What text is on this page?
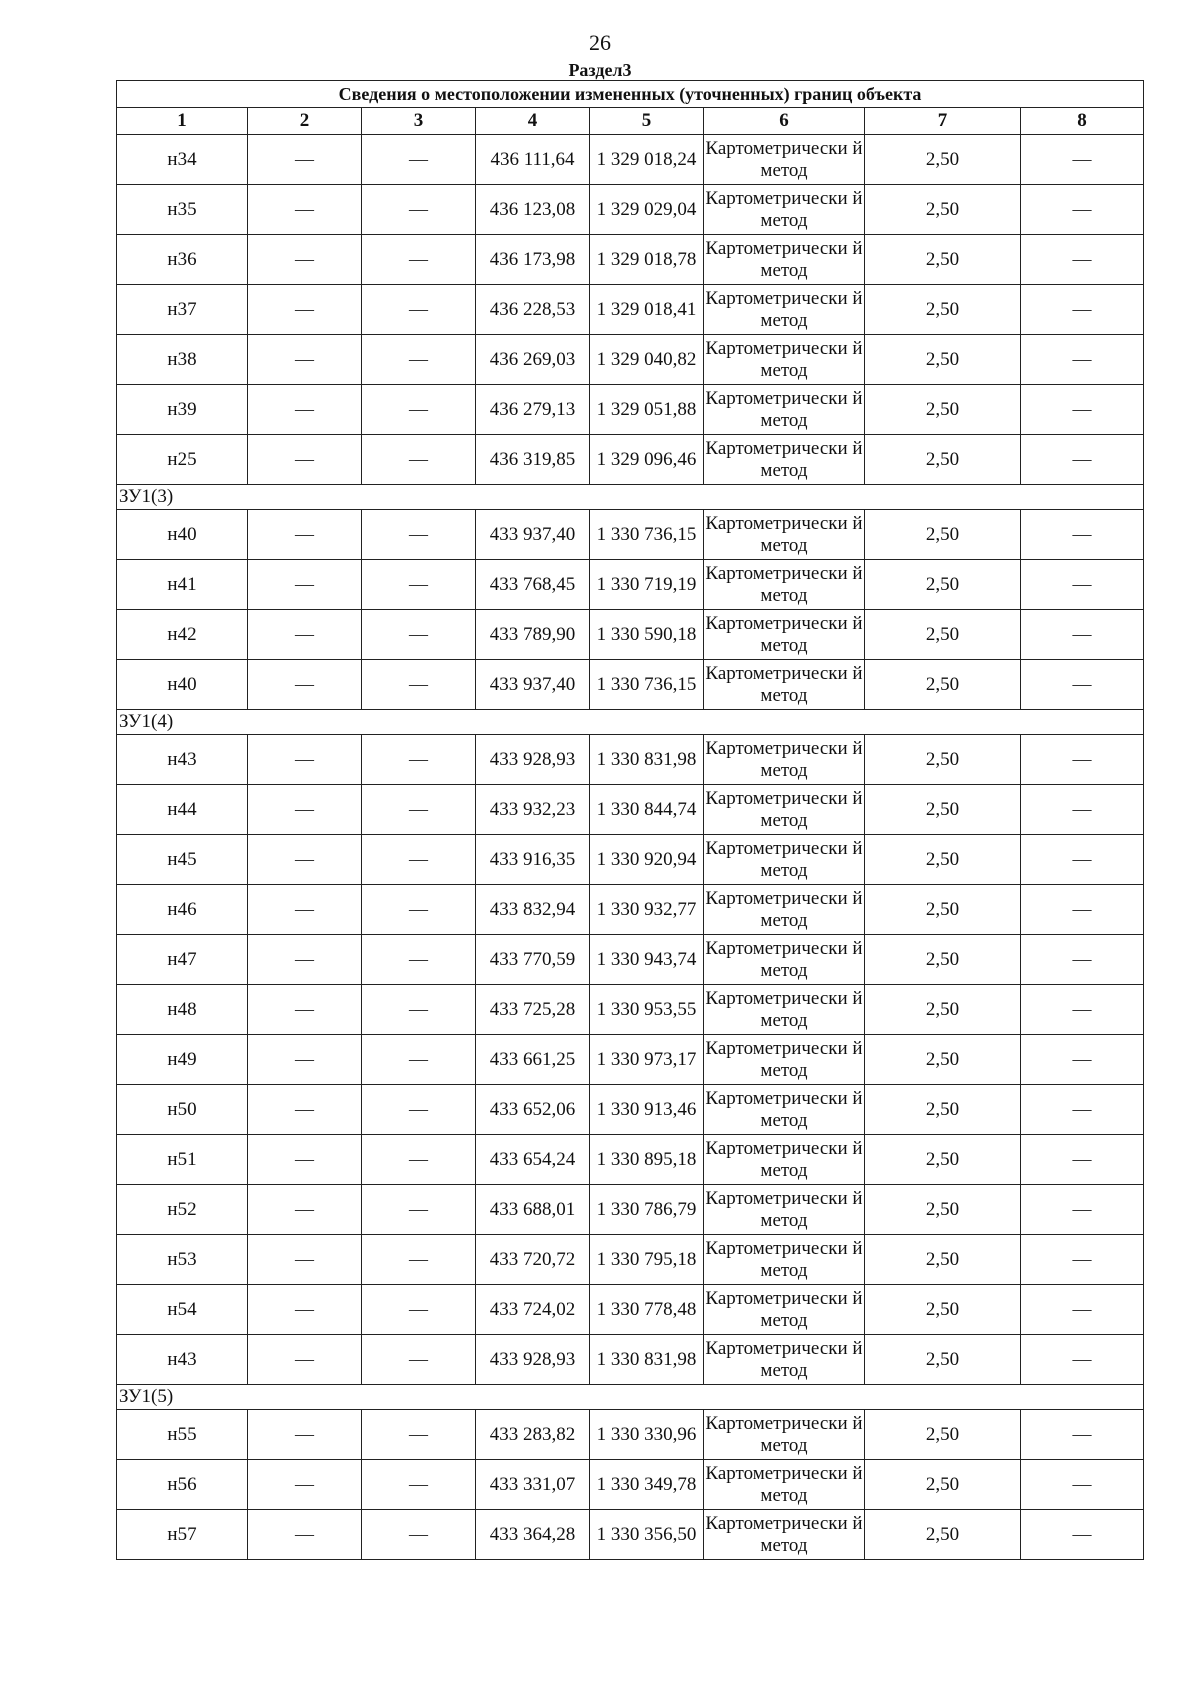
26
Раздел3
Сведения о местоположении измененных (уточненных) границ объекта							
1	2	3	4	5	6	7	8
н34	—	—	436 111,64	1 329 018,24	Картометрически й метод	2,50	—
н35	—	—	436 123,08	1 329 029,04	Картометрически й метод	2,50	—
н36	—	—	436 173,98	1 329 018,78	Картометрически й метод	2,50	—
н37	—	—	436 228,53	1 329 018,41	Картометрически й метод	2,50	—
н38	—	—	436 269,03	1 329 040,82	Картометрически й метод	2,50	—
н39	—	—	436 279,13	1 329 051,88	Картометрически й метод	2,50	—
н25	—	—	436 319,85	1 329 096,46	Картометрически й метод	2,50	—
ЗУ1(3)							
н40	—	—	433 937,40	1 330 736,15	Картометрически й метод	2,50	—
н41	—	—	433 768,45	1 330 719,19	Картометрически й метод	2,50	—
н42	—	—	433 789,90	1 330 590,18	Картометрически й метод	2,50	—
н40	—	—	433 937,40	1 330 736,15	Картометрически й метод	2,50	—
ЗУ1(4)							
н43	—	—	433 928,93	1 330 831,98	Картометрически й метод	2,50	—
н44	—	—	433 932,23	1 330 844,74	Картометрически й метод	2,50	—
н45	—	—	433 916,35	1 330 920,94	Картометрически й метод	2,50	—
н46	—	—	433 832,94	1 330 932,77	Картометрически й метод	2,50	—
н47	—	—	433 770,59	1 330 943,74	Картометрически й метод	2,50	—
н48	—	—	433 725,28	1 330 953,55	Картометрически й метод	2,50	—
н49	—	—	433 661,25	1 330 973,17	Картометрически й метод	2,50	—
н50	—	—	433 652,06	1 330 913,46	Картометрически й метод	2,50	—
н51	—	—	433 654,24	1 330 895,18	Картометрически й метод	2,50	—
н52	—	—	433 688,01	1 330 786,79	Картометрически й метод	2,50	—
н53	—	—	433 720,72	1 330 795,18	Картометрически й метод	2,50	—
н54	—	—	433 724,02	1 330 778,48	Картометрически й метод	2,50	—
н43	—	—	433 928,93	1 330 831,98	Картометрически й метод	2,50	—
ЗУ1(5)							
н55	—	—	433 283,82	1 330 330,96	Картометрически й метод	2,50	—
н56	—	—	433 331,07	1 330 349,78	Картометрически й метод	2,50	—
н57	—	—	433 364,28	1 330 356,50	Картометрически й метод	2,50	—
